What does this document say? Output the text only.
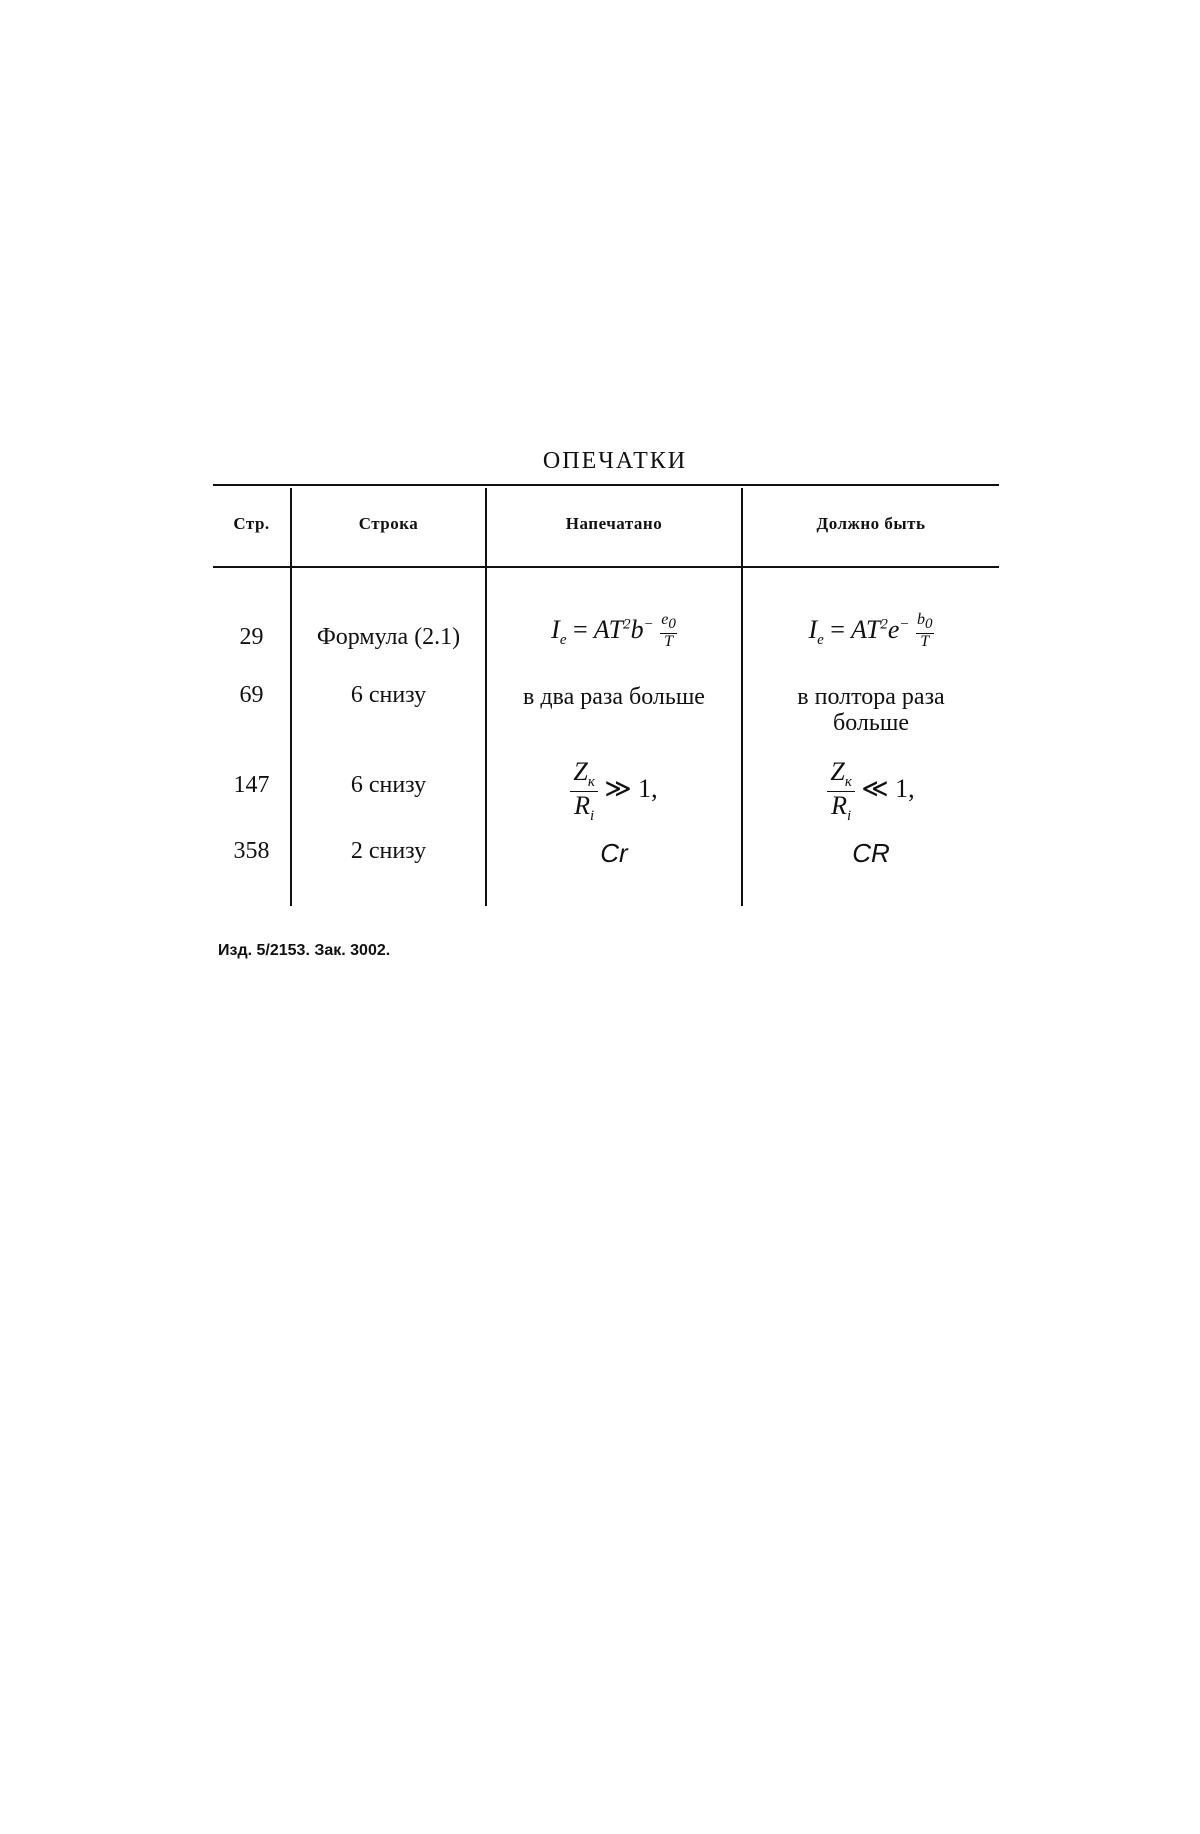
ОПЕЧАТКИ
Стр.	Строка	Напечатано	Должно быть
29	Формула (2.1)	$I_e = AT^2b^- \frac{e_0}{T}$	$I_e = AT^2e^- \frac{b_0}{T}$
69	6 снизу	в два раза больше	в полтора раза
больше
147	6 снизу	$\frac{Z_к}{R_i}$ ≫ 1,	$\frac{Z_к}{R_i}$ ≪ 1,
358	2 снизу	Cr	CR
Изд. 5/2153. Зак. 3002.
